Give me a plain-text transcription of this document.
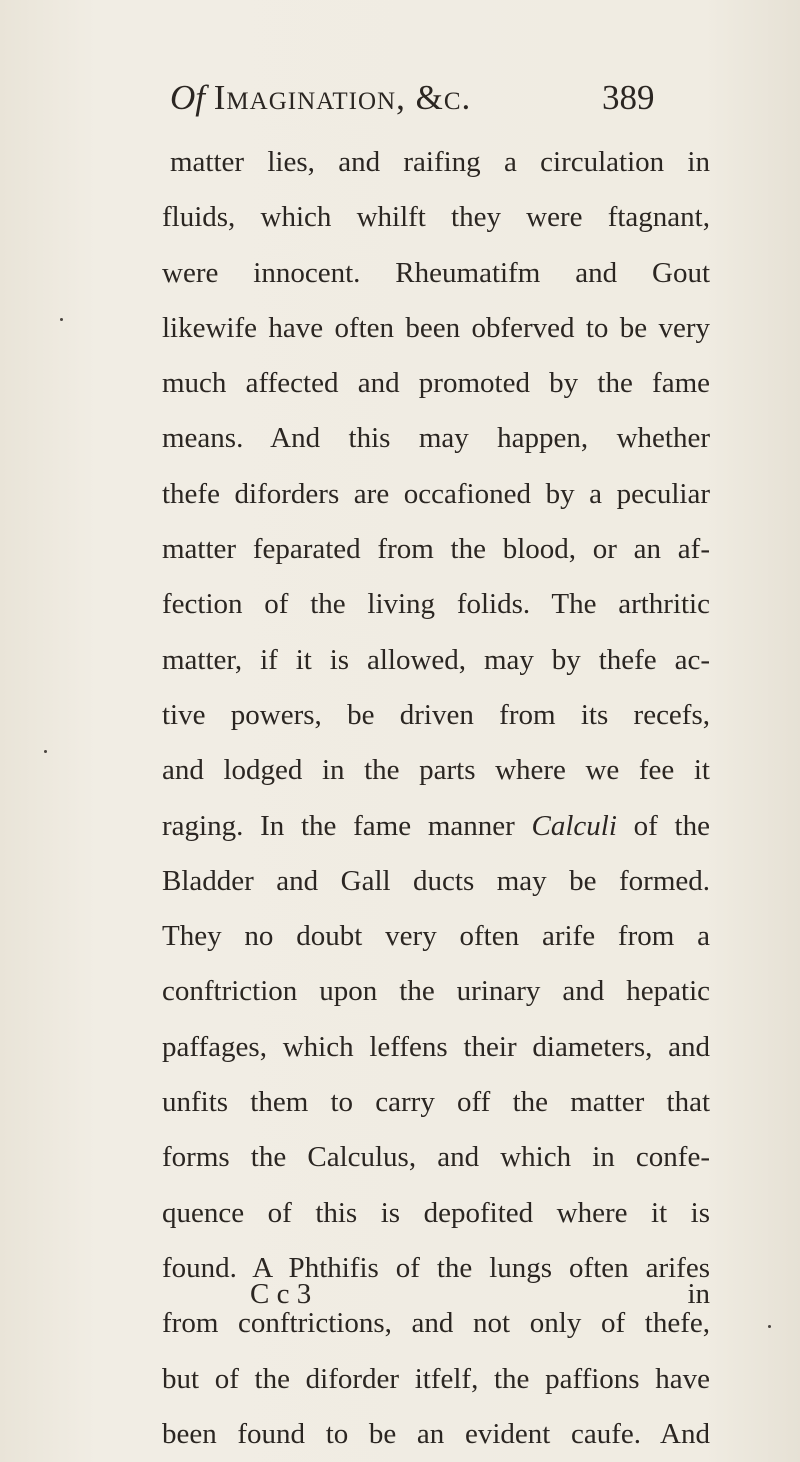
Of Imagination, &c.	389
matter lies, and raifing a circulation in
fluids, which whilft they were ftagnant,
were innocent. Rheumatifm and Gout
likewife have often been obferved to be very
much affected and promoted by the fame
means. And this may happen, whether
thefe diforders are occafioned by a peculiar
matter feparated from the blood, or an af-
fection of the living folids. The arthritic
matter, if it is allowed, may by thefe ac-
tive powers, be driven from its recefs,
and lodged in the parts where we fee it
raging. In the fame manner Calculi of the
Bladder and Gall ducts may be formed.
They no doubt very often arife from a
conftriction upon the urinary and hepatic
paffages, which leffens their diameters, and
unfits them to carry off the matter that
forms the Calculus, and which in confe-
quence of this is depofited where it is
found. A Phthifis of the lungs often arifes
from conftrictions, and not only of thefe,
but of the diforder itfelf, the paffions have
been found to be an evident caufe. And
C c 3	in
